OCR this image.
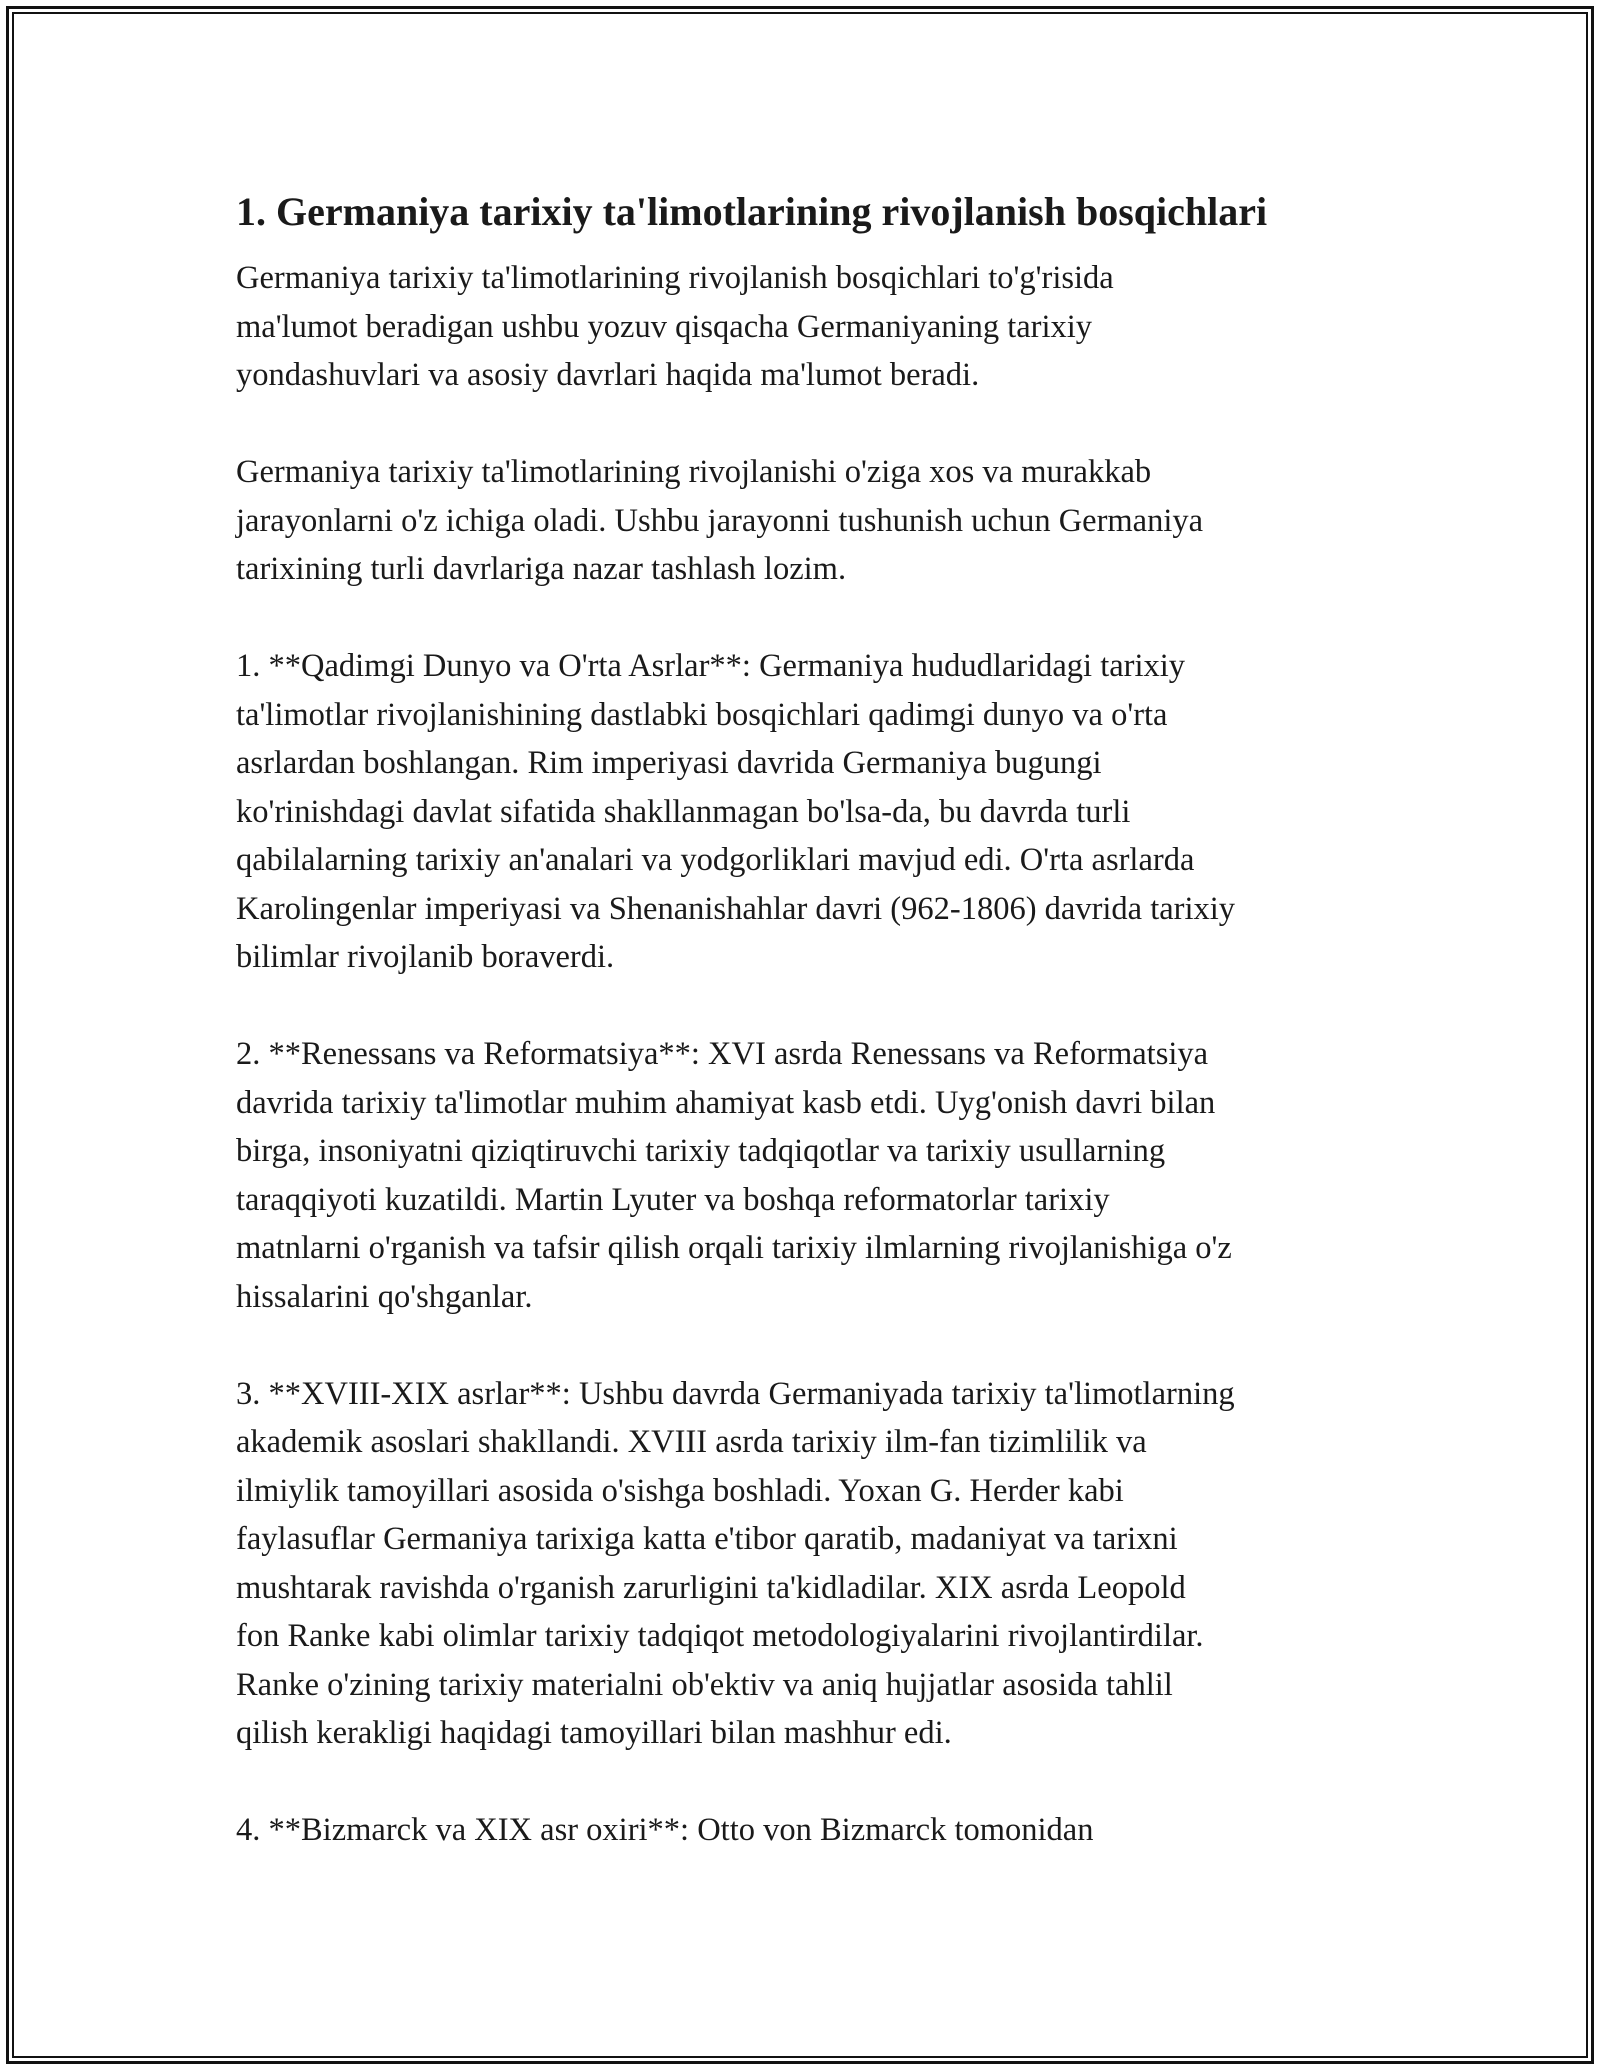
1. Germaniya tarixiy ta'limotlarining rivojlanish bosqichlari
Germaniya tarixiy ta'limotlarining rivojlanish bosqichlari to'g'risida
ma'lumot beradigan ushbu yozuv qisqacha Germaniyaning tarixiy
yondashuvlari va asosiy davrlari haqida ma'lumot beradi.
Germaniya tarixiy ta'limotlarining rivojlanishi o'ziga xos va murakkab
jarayonlarni o'z ichiga oladi. Ushbu jarayonni tushunish uchun Germaniya
tarixining turli davrlariga nazar tashlash lozim.
1. **Qadimgi Dunyo va O'rta Asrlar**: Germaniya hududlaridagi tarixiy
ta'limotlar rivojlanishining dastlabki bosqichlari qadimgi dunyo va o'rta
asrlardan boshlangan. Rim imperiyasi davrida Germaniya bugungi
ko'rinishdagi davlat sifatida shakllanmagan bo'lsa-da, bu davrda turli
qabilalarning tarixiy an'analari va yodgorliklari mavjud edi. O'rta asrlarda
Karolingenlar imperiyasi va Shenanishahlar davri (962-1806) davrida tarixiy
bilimlar rivojlanib boraverdi.
2. **Renessans va Reformatsiya**: XVI asrda Renessans va Reformatsiya
davrida tarixiy ta'limotlar muhim ahamiyat kasb etdi. Uyg'onish davri bilan
birga, insoniyatni qiziqtiruvchi tarixiy tadqiqotlar va tarixiy usullarning
taraqqiyoti kuzatildi. Martin Lyuter va boshqa reformatorlar tarixiy
matnlarni o'rganish va tafsir qilish orqali tarixiy ilmlarning rivojlanishiga o'z
hissalarini qo'shganlar.
3. **XVIII-XIX asrlar**: Ushbu davrda Germaniyada tarixiy ta'limotlarning
akademik asoslari shakllandi. XVIII asrda tarixiy ilm-fan tizimlilik va
ilmiylik tamoyillari asosida o'sishga boshladi. Yoxan G. Herder kabi
faylasuflar Germaniya tarixiga katta e'tibor qaratib, madaniyat va tarixni
mushtarak ravishda o'rganish zarurligini ta'kidladilar. XIX asrda Leopold
fon Ranke kabi olimlar tarixiy tadqiqot metodologiyalarini rivojlantirdilar.
Ranke o'zining tarixiy materialni ob'ektiv va aniq hujjatlar asosida tahlil
qilish kerakligi haqidagi tamoyillari bilan mashhur edi.
4. **Bizmarck va XIX asr oxiri**: Otto von Bizmarck tomonidan
